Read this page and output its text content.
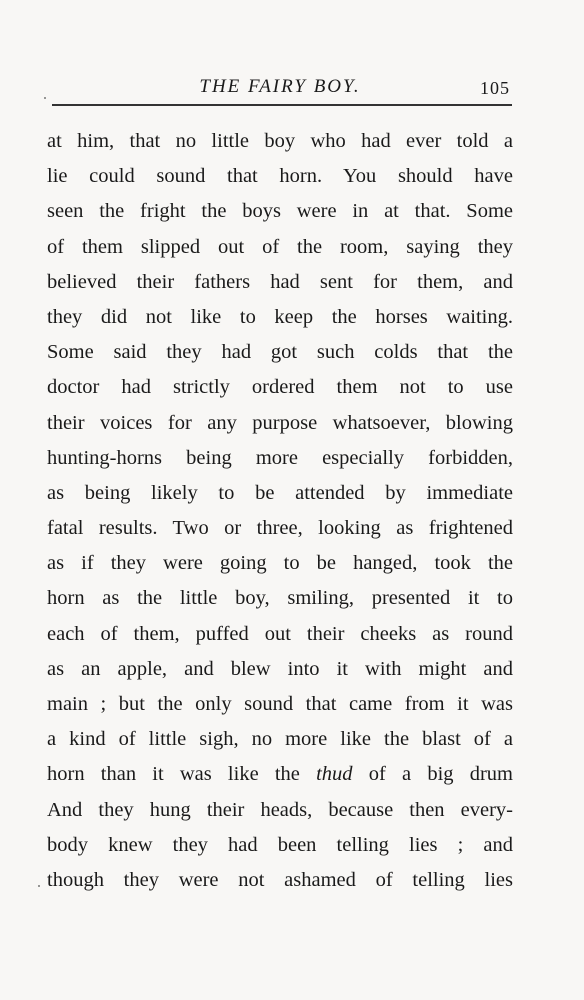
THE FAIRY BOY.	105
at him, that no little boy who had ever told a
lie could sound that horn. You should have
seen the fright the boys were in at that. Some
of them slipped out of the room, saying they
believed their fathers had sent for them, and
they did not like to keep the horses waiting.
Some said they had got such colds that the
doctor had strictly ordered them not to use
their voices for any purpose whatsoever, blowing
hunting-horns being more especially forbidden,
as being likely to be attended by immediate
fatal results. Two or three, looking as frightened
as if they were going to be hanged, took the
horn as the little boy, smiling, presented it to
each of them, puffed out their cheeks as round
as an apple, and blew into it with might and
main ; but the only sound that came from it was
a kind of little sigh, no more like the blast of a
horn than it was like the thud of a big drum
And they hung their heads, because then every-
body knew they had been telling lies ; and
though they were not ashamed of telling lies
